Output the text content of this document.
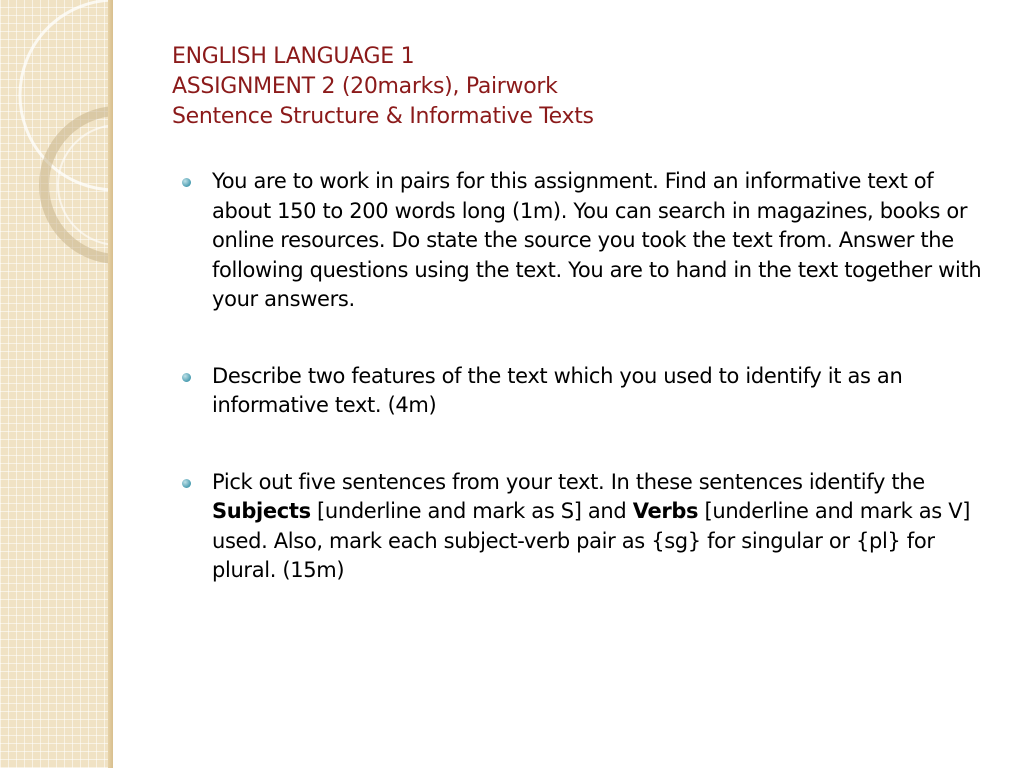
ENGLISH LANGUAGE 1
ASSIGNMENT 2 (20marks), Pairwork
Sentence Structure & Informative Texts
You are to work in pairs for this assignment. Find an informative text of about 150 to 200 words long (1m). You can search in magazines, books or online resources. Do state the source you took the text from. Answer the following questions using the text. You are to hand in the text together with your answers.
Describe two features of the text which you used to identify it as an informative text. (4m)
Pick out five sentences from your text. In these sentences identify the Subjects [underline and mark as S] and Verbs [underline and mark as V] used. Also, mark each subject-verb pair as {sg} for singular or {pl} for plural. (15m)
